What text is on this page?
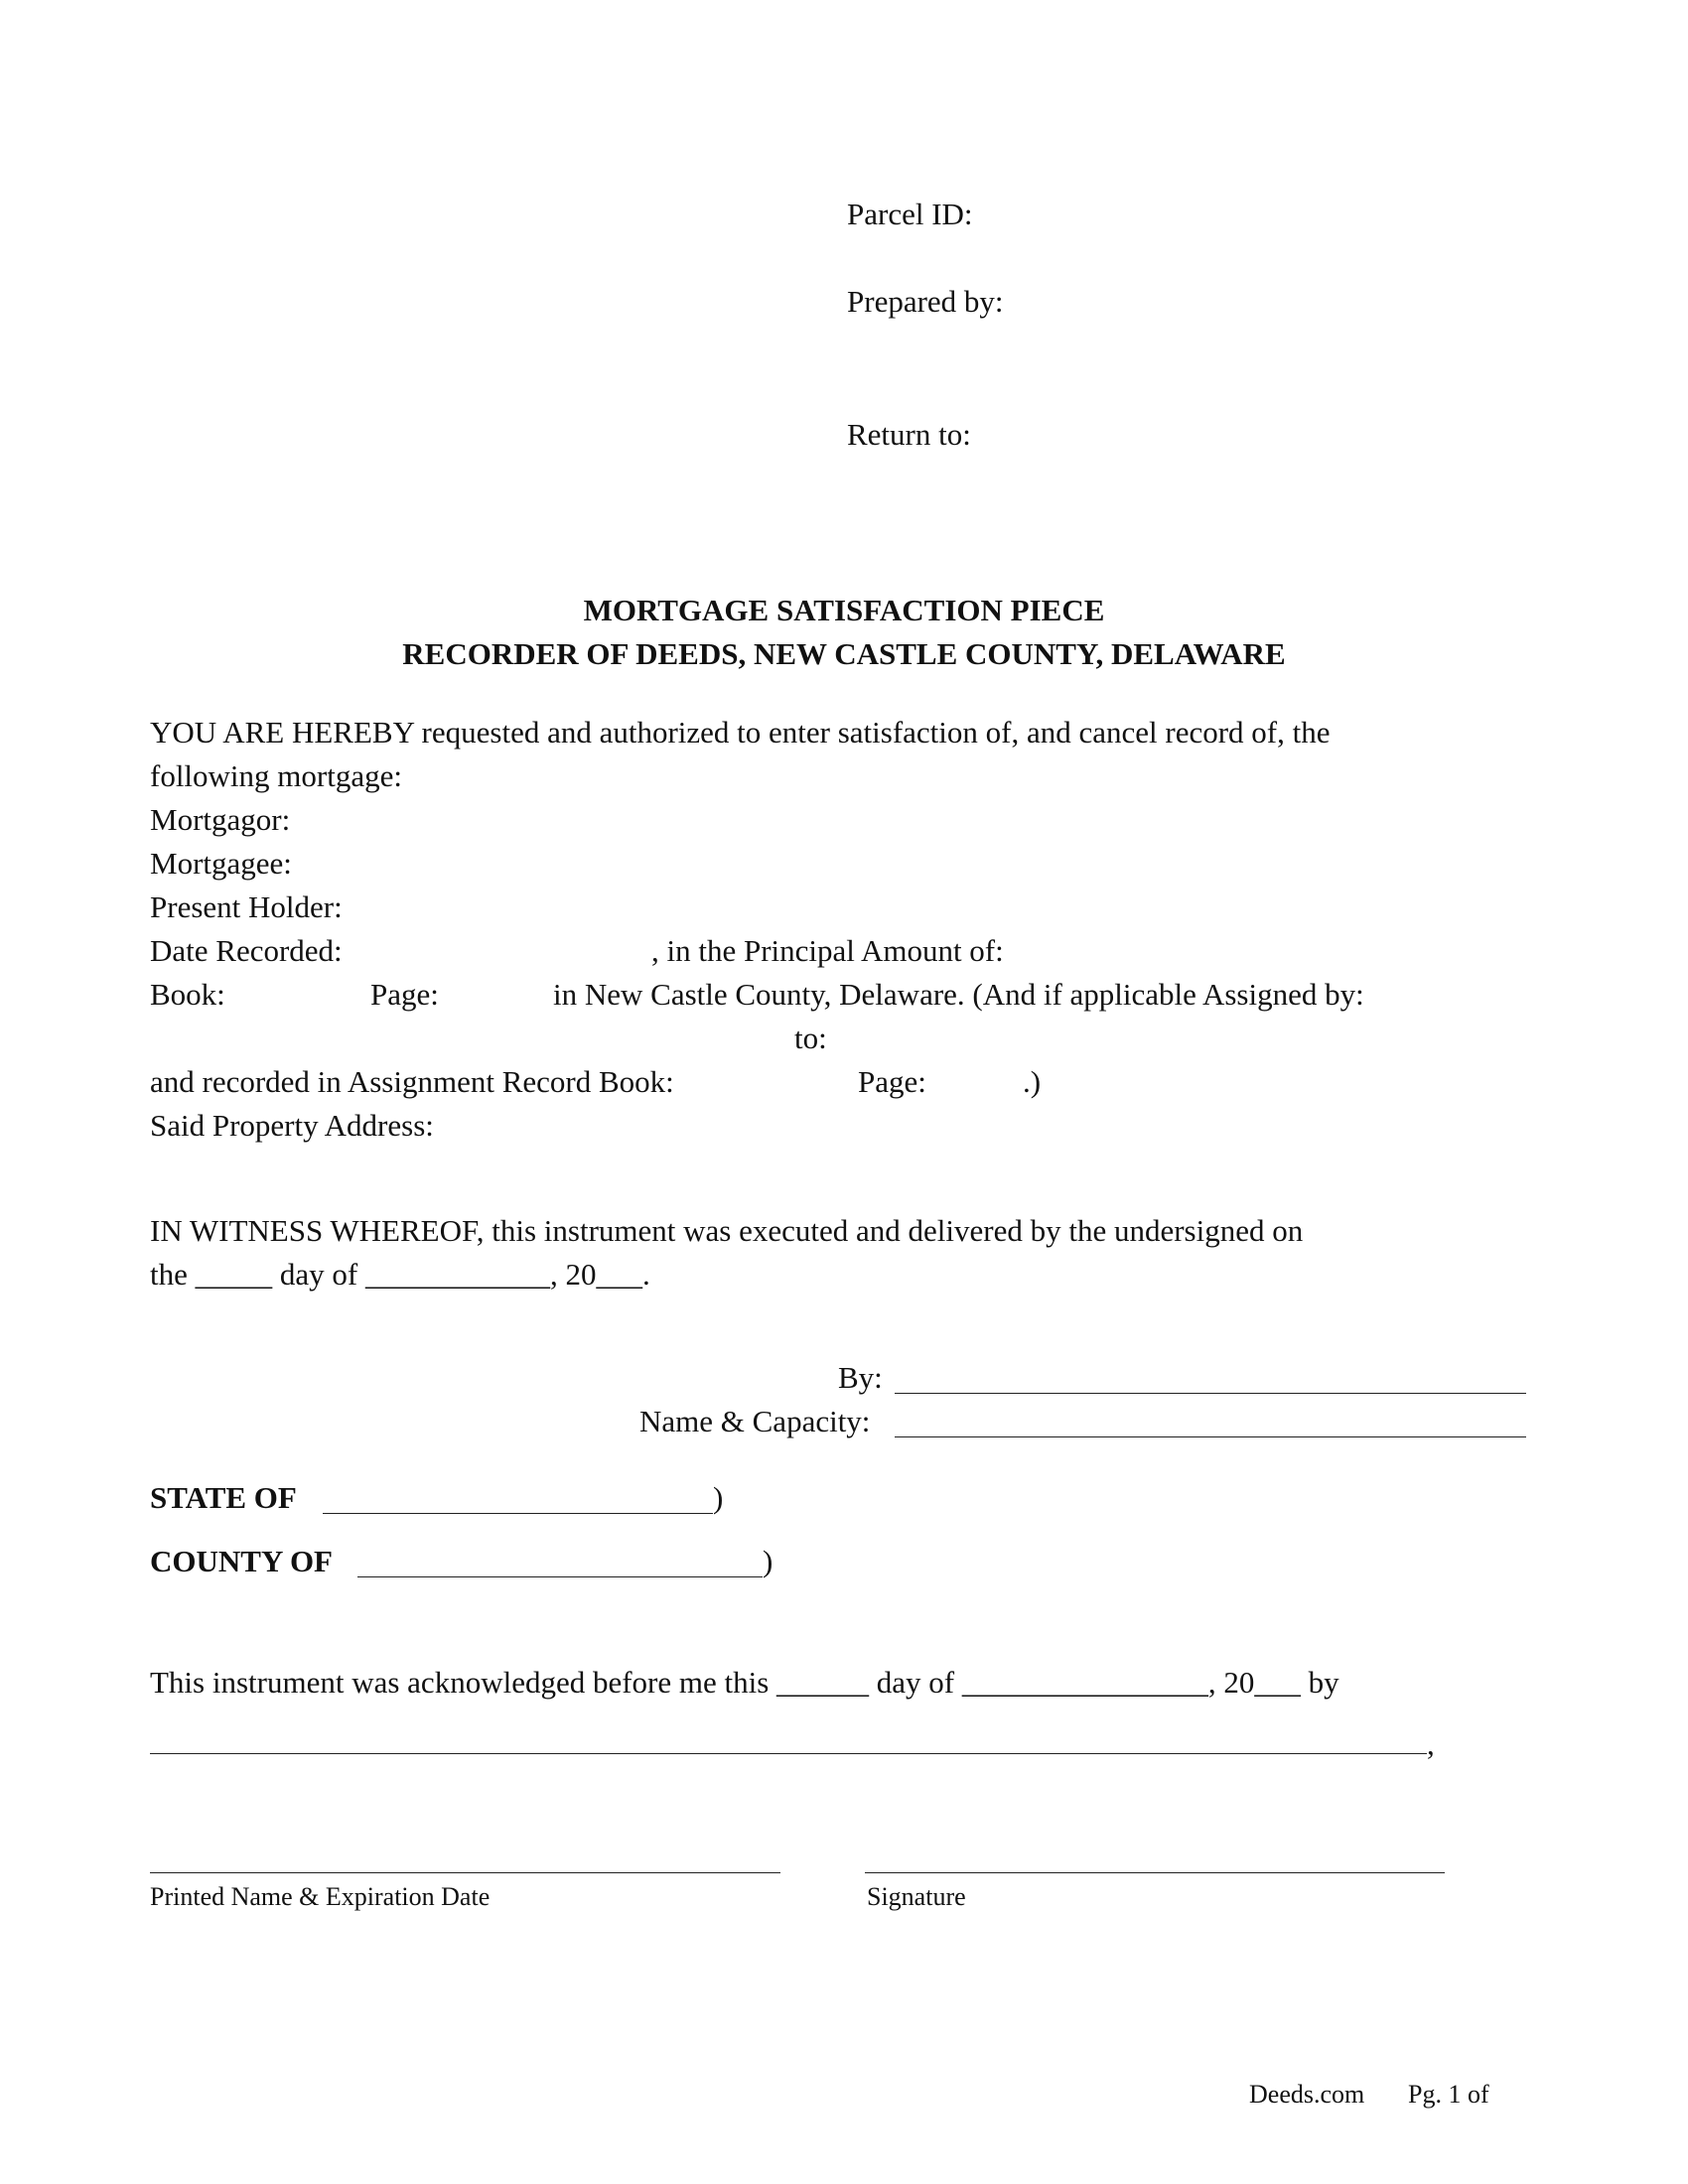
Parcel ID:
Prepared by:
Return to:
MORTGAGE SATISFACTION PIECE
RECORDER OF DEEDS, NEW CASTLE COUNTY, DELAWARE
YOU ARE HEREBY requested and authorized to enter satisfaction of, and cancel record of, the
following mortgage:
Mortgagor:
Mortgagee:
Present Holder:
Date Recorded:	, in the Principal Amount of:
Book:	Page:	in New Castle County, Delaware. (And if applicable Assigned by:
to:
and recorded in Assignment Record Book:	Page:	.)
Said Property Address:
IN WITNESS WHEREOF, this instrument was executed and delivered by the undersigned on
the _____ day of ____________, 20___.
By:
Name & Capacity:
STATE OF	)
COUNTY OF	)
This instrument was acknowledged before me this ______ day of ________________, 20___ by
,
Printed Name & Expiration Date	Signature
Deeds.com Pg. 1 of
